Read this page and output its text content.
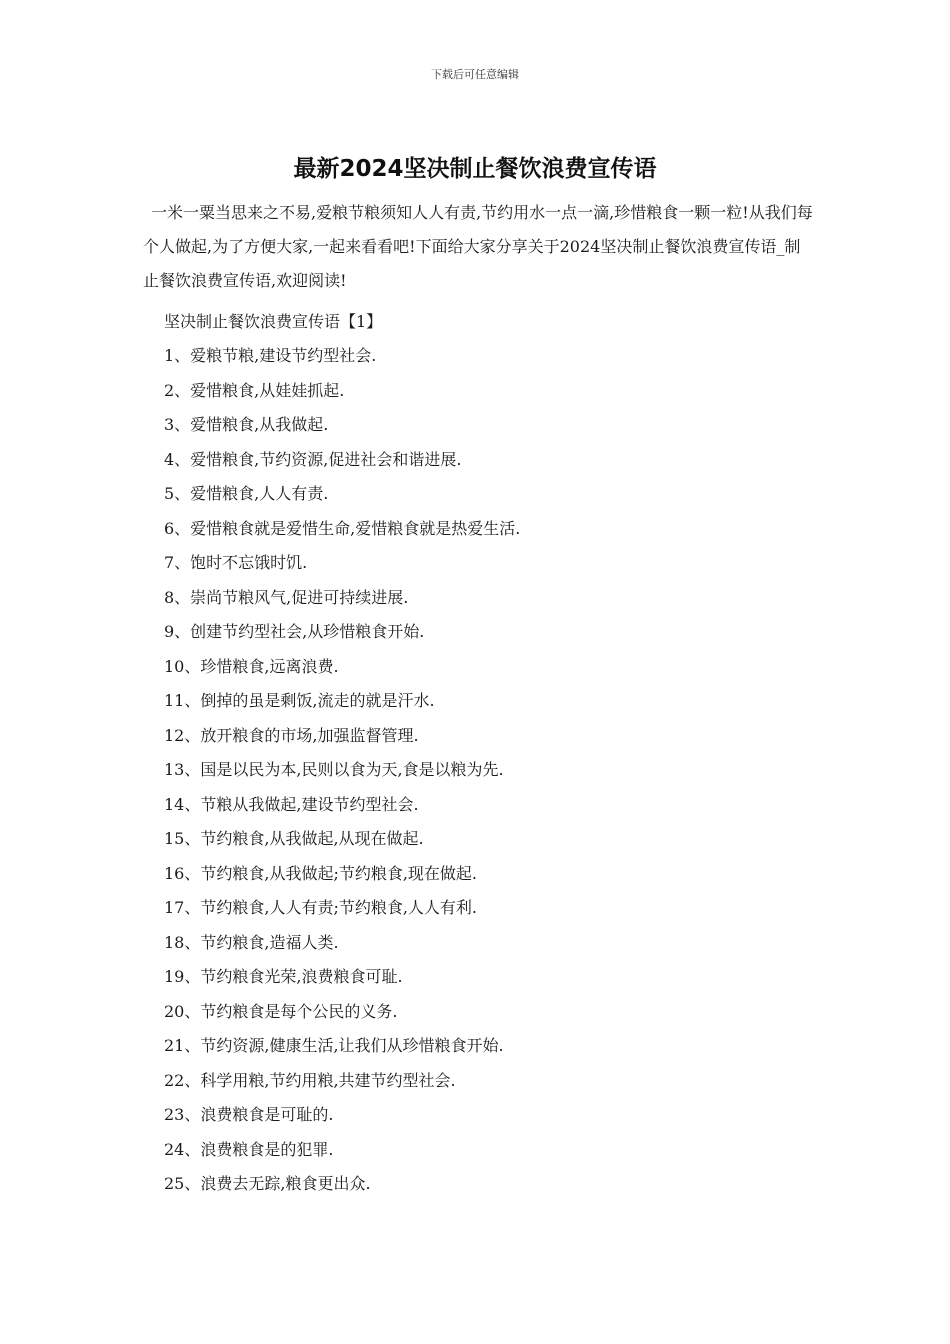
下载后可任意编辑
最新2024坚决制止餐饮浪费宣传语
一米一粟当思来之不易,爱粮节粮须知人人有责,节约用水一点一滴,珍惜粮食一颗一粒!从我们每个人做起,为了方便大家,一起来看看吧!下面给大家分享关于2024坚决制止餐饮浪费宣传语_制止餐饮浪费宣传语,欢迎阅读!
坚决制止餐饮浪费宣传语【1】
1、爱粮节粮,建设节约型社会.
2、爱惜粮食,从娃娃抓起.
3、爱惜粮食,从我做起.
4、爱惜粮食,节约资源,促进社会和谐进展.
5、爱惜粮食,人人有责.
6、爱惜粮食就是爱惜生命,爱惜粮食就是热爱生活.
7、饱时不忘饿时饥.
8、崇尚节粮风气,促进可持续进展.
9、创建节约型社会,从珍惜粮食开始.
10、珍惜粮食,远离浪费.
11、倒掉的虽是剩饭,流走的就是汗水.
12、放开粮食的市场,加强监督管理.
13、国是以民为本,民则以食为天,食是以粮为先.
14、节粮从我做起,建设节约型社会.
15、节约粮食,从我做起,从现在做起.
16、节约粮食,从我做起;节约粮食,现在做起.
17、节约粮食,人人有责;节约粮食,人人有利.
18、节约粮食,造福人类.
19、节约粮食光荣,浪费粮食可耻.
20、节约粮食是每个公民的义务.
21、节约资源,健康生活,让我们从珍惜粮食开始.
22、科学用粮,节约用粮,共建节约型社会.
23、浪费粮食是可耻的.
24、浪费粮食是的犯罪.
25、浪费去无踪,粮食更出众.
